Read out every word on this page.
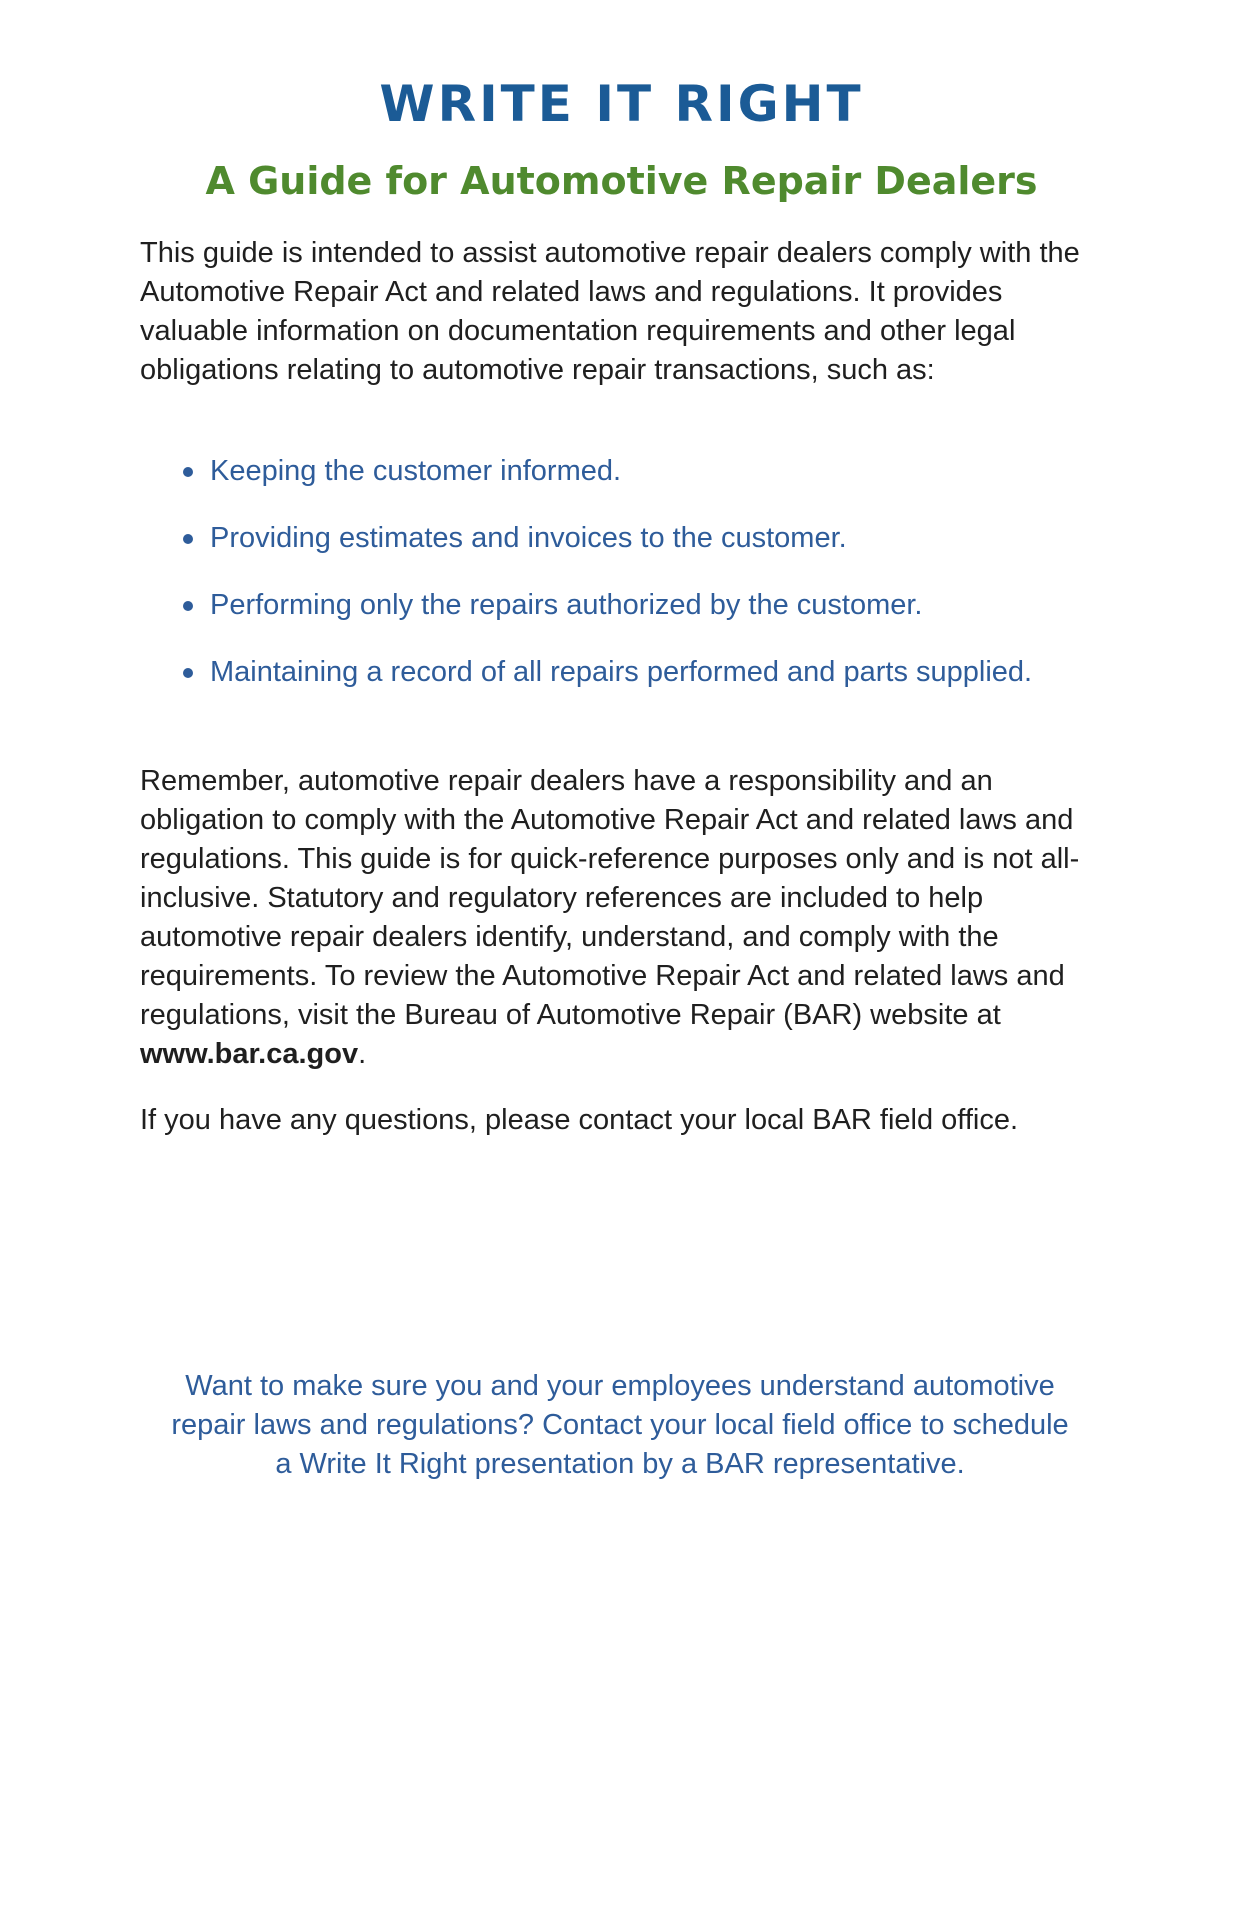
WRITE IT RIGHT
A Guide for Automotive Repair Dealers

This guide is intended to assist automotive repair dealers comply with the Automotive Repair Act and related laws and regulations. It provides valuable information on documentation requirements and other legal obligations relating to automotive repair transactions, such as:

Keeping the customer informed.
Providing estimates and invoices to the customer.
Performing only the repairs authorized by the customer.
Maintaining a record of all repairs performed and parts supplied.

Remember, automotive repair dealers have a responsibility and an obligation to comply with the Automotive Repair Act and related laws and regulations. This guide is for quick-reference purposes only and is not all-inclusive. Statutory and regulatory references are included to help automotive repair dealers identify, understand, and comply with the requirements. To review the Automotive Repair Act and related laws and regulations, visit the Bureau of Automotive Repair (BAR) website at www.bar.ca.gov.

If you have any questions, please contact your local BAR field office.

Want to make sure you and your employees understand automotive repair laws and regulations? Contact your local field office to schedule a Write It Right presentation by a BAR representative.
